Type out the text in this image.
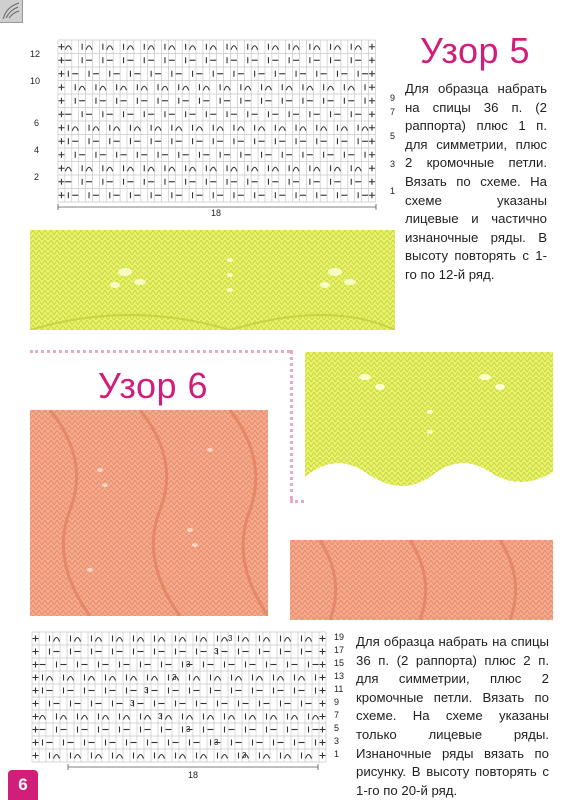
12
10
6
4
2
9
7
5
3
1
18
Узор 5
Для образца набрать на спицы 36 п. (2 раппорта) плюс 1 п. для симметрии, плюс 2 кромочные петли. Вязать по схеме. На схеме указаны лицевые и частично изнаночные ряды. В высоту повторять с 1-го по 12-й ряд.
Узор 6
3
3
3
3
3
3
3
3
3
3
19
17
15
13
11
9
7
5
3
1
18
Для образца набрать на спицы 36 п. (2 раппорта) плюс 2 п. для симметрии, плюс 2 кромочные петли. Вязать по схеме. На схеме указаны только лицевые ряды. Изнаночные ряды вязать по рисунку. В высоту повторять с 1-го по 20-й ряд.
6
